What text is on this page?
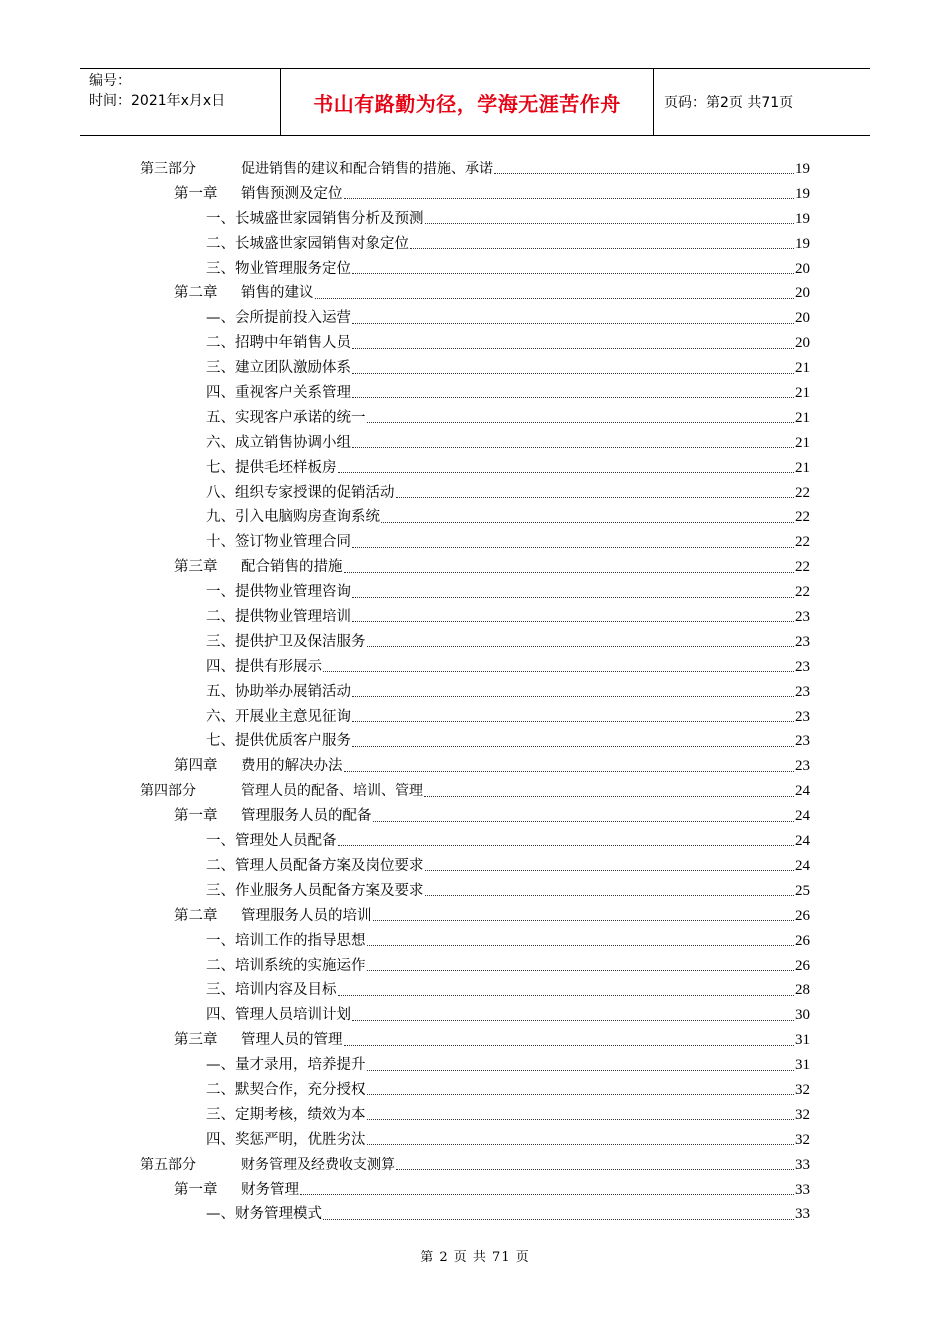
编号：
时间：2021年x月x日	书山有路勤为径，学海无涯苦作舟	页码：第2页 共71页
第三部分	促进销售的建议和配合销售的措施、承诺	19
第一章	销售预测及定位	19
一、长城盛世家园销售分析及预测	19
二、长城盛世家园销售对象定位	19
三、物业管理服务定位	20
第二章	销售的建议	20
—、会所提前投入运营	20
二、招聘中年销售人员	20
三、建立团队激励体系	21
四、重视客户关系管理	21
五、实现客户承诺的统一	21
六、成立销售协调小组	21
七、提供毛坯样板房	21
八、组织专家授课的促销活动	22
九、引入电脑购房查询系统	22
十、签订物业管理合同	22
第三章	配合销售的措施	22
一、提供物业管理咨询	22
二、提供物业管理培训	23
三、提供护卫及保洁服务	23
四、提供有形展示	23
五、协助举办展销活动	23
六、开展业主意见征询	23
七、提供优质客户服务	23
第四章	费用的解决办法	23
第四部分	管理人员的配备、培训、管理	24
第一章	管理服务人员的配备	24
一、管理处人员配备	24
二、管理人员配备方案及岗位要求	24
三、作业服务人员配备方案及要求	25
第二章	管理服务人员的培训	26
一、培训工作的指导思想	26
二、培训系统的实施运作	26
三、培训内容及目标	28
四、管理人员培训计划	30
第三章	管理人员的管理	31
—、量才录用，培养提升	31
二、默契合作，充分授权	32
三、定期考核，绩效为本	32
四、奖惩严明，优胜劣汰	32
第五部分	财务管理及经费收支测算	33
第一章	财务管理	33
—、财务管理模式	33
第 2 页 共 71 页
